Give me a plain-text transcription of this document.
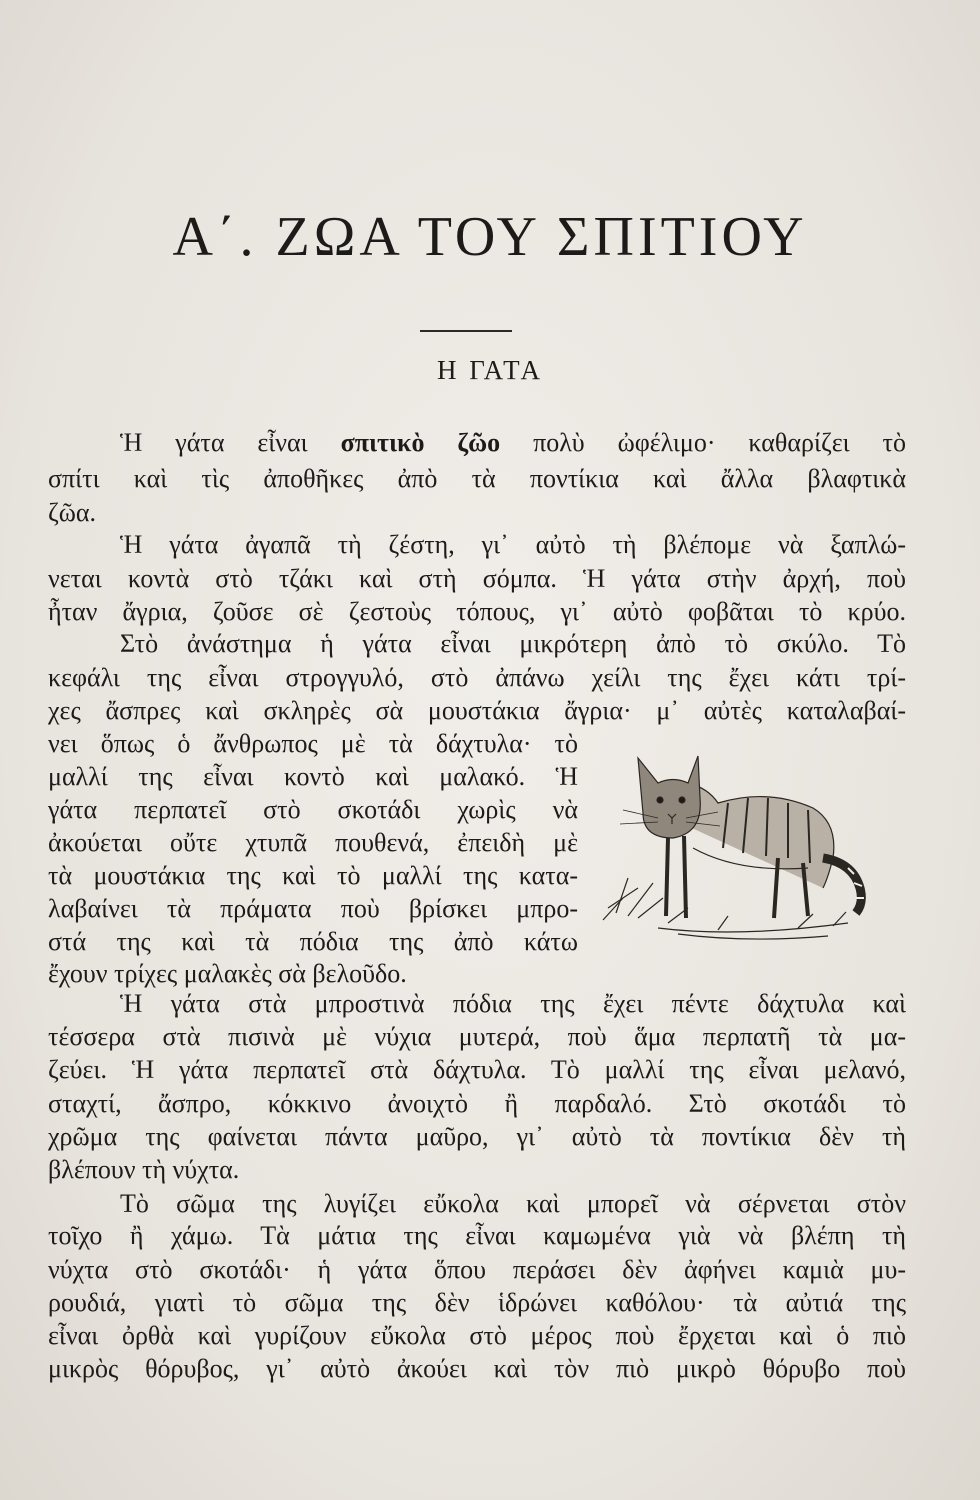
Α΄. ΖΩΑ ΤΟΥ ΣΠΙΤΙΟΥ
Η ΓΑΤΑ
Ἡ γάτα εἶναι σπιτικὸ ζῶο πολὺ ὠφέλιμο· καθαρίζει τὸ
σπίτι καὶ τὶς ἀποθῆκες ἀπὸ τὰ ποντίκια καὶ ἄλλα βλαφτικὰ
ζῶα.
Ἡ γάτα ἀγαπᾶ τὴ ζέστη, γι᾿ αὐτὸ τὴ βλέπομε νὰ ξαπλώ-
νεται κοντὰ στὸ τζάκι καὶ στὴ σόμπα. Ἡ γάτα στὴν ἀρχή, ποὺ
ἦταν ἄγρια, ζοῦσε σὲ ζεστοὺς τόπους, γι᾿ αὐτὸ φοβᾶται τὸ κρύο.
Στὸ ἀνάστημα ἡ γάτα εἶναι μικρότερη ἀπὸ τὸ σκύλο. Τὸ
κεφάλι της εἶναι στρογγυλό, στὸ ἀπάνω χείλι της ἔχει κάτι τρί-
χες ἄσπρες καὶ σκληρὲς σὰ μουστάκια ἄγρια· μ᾿ αὐτὲς καταλαβαί-
νει ὅπως ὁ ἄνθρωπος μὲ τὰ δάχτυλα· τὸ
μαλλί της εἶναι κοντὸ καὶ μαλακό. Ἡ
γάτα περπατεῖ στὸ σκοτάδι χωρὶς νὰ
ἀκούεται οὔτε χτυπᾶ πουθενά, ἐπειδὴ μὲ
τὰ μουστάκια της καὶ τὸ μαλλί της κατα-
λαβαίνει τὰ πράματα ποὺ βρίσκει μπρο-
στά της καὶ τὰ πόδια της ἀπὸ κάτω
ἔχουν τρίχες μαλακὲς σὰ βελοῦδο.
Ἡ γάτα στὰ μπροστινὰ πόδια της ἔχει πέντε δάχτυλα καὶ
τέσσερα στὰ πισινὰ μὲ νύχια μυτερά, ποὺ ἅμα περπατῆ τὰ μα-
ζεύει. Ἡ γάτα περπατεῖ στὰ δάχτυλα. Τὸ μαλλί της εἶναι μελανό,
σταχτί, ἄσπρο, κόκκινο ἀνοιχτὸ ἢ παρδαλό. Στὸ σκοτάδι τὸ
χρῶμα της φαίνεται πάντα μαῦρο, γι᾿ αὐτὸ τὰ ποντίκια δὲν τὴ
βλέπουν τὴ νύχτα.
Τὸ σῶμα της λυγίζει εὔκολα καὶ μπορεῖ νὰ σέρνεται στὸν
τοῖχο ἢ χάμω. Τὰ μάτια της εἶναι καμωμένα γιὰ νὰ βλέπη τὴ
νύχτα στὸ σκοτάδι· ἡ γάτα ὅπου περάσει δὲν ἀφήνει καμιὰ μυ-
ρουδιά, γιατὶ τὸ σῶμα της δὲν ἱδρώνει καθόλου· τὰ αὐτιά της
εἶναι ὀρθὰ καὶ γυρίζουν εὔκολα στὸ μέρος ποὺ ἔρχεται καὶ ὁ πιὸ
μικρὸς θόρυβος, γι᾿ αὐτὸ ἀκούει καὶ τὸν πιὸ μικρὸ θόρυβο ποὺ
